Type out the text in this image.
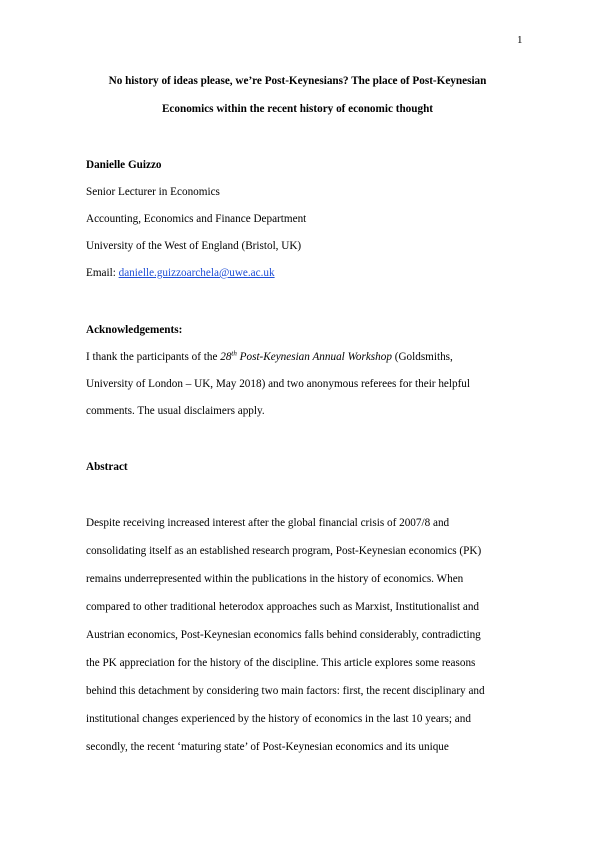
1
No history of ideas please, we’re Post-Keynesians? The place of Post-Keynesian
Economics within the recent history of economic thought
Danielle Guizzo
Senior Lecturer in Economics
Accounting, Economics and Finance Department
University of the West of England (Bristol, UK)
Email: danielle.guizzoarchela@uwe.ac.uk
Acknowledgements:
I thank the participants of the 28th Post-Keynesian Annual Workshop (Goldsmiths,
University of London – UK, May 2018) and two anonymous referees for their helpful
comments. The usual disclaimers apply.
Abstract
Despite receiving increased interest after the global financial crisis of 2007/8 and
consolidating itself as an established research program, Post-Keynesian economics (PK)
remains underrepresented within the publications in the history of economics. When
compared to other traditional heterodox approaches such as Marxist, Institutionalist and
Austrian economics, Post-Keynesian economics falls behind considerably, contradicting
the PK appreciation for the history of the discipline. This article explores some reasons
behind this detachment by considering two main factors: first, the recent disciplinary and
institutional changes experienced by the history of economics in the last 10 years; and
secondly, the recent ‘maturing state’ of Post-Keynesian economics and its unique
